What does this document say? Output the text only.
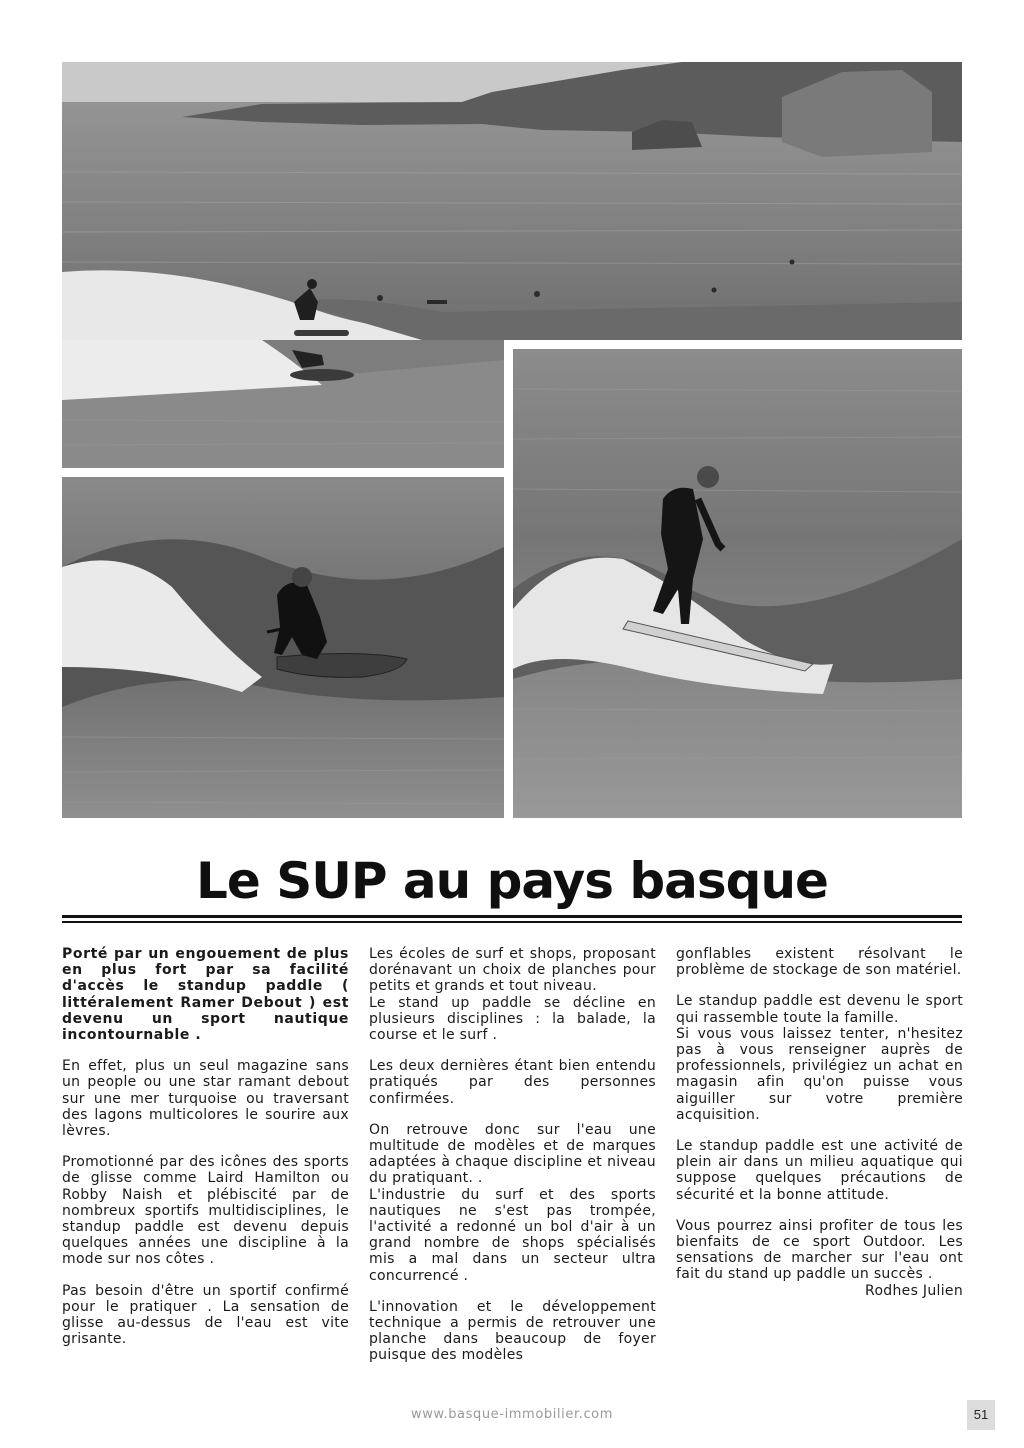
Le SUP au pays basque

Porté par un engouement de plus en plus fort par sa facilité d'accès le standup paddle ( littéralement Ramer Debout ) est devenu un sport nautique incontournable .

En effet, plus un seul magazine sans un people ou une star ramant debout sur une mer turquoise ou traversant des lagons multicolores le sourire aux lèvres.

Promotionné par des icônes des sports de glisse comme Laird Hamilton ou Robby Naish et plébiscité par de nombreux sportifs multidisciplines, le standup paddle est devenu depuis quelques années une discipline à la mode sur nos côtes .

Pas besoin d'être un sportif confirmé pour le pratiquer . La sensation de glisse au-dessus de l'eau est vite grisante.

Les écoles de surf et shops, proposant dorénavant un choix de planches pour petits et grands et tout niveau.

Le stand up paddle se décline en plusieurs disciplines : la balade, la course et le surf .

Les deux dernières étant bien entendu pratiqués par des personnes confirmées.

On retrouve donc sur l'eau une multitude de modèles et de marques adaptées à chaque discipline et niveau du pratiquant. .

L'industrie du surf et des sports nautiques ne s'est pas trompée, l'activité a redonné un bol d'air à un grand nombre de shops spécialisés mis a mal dans un secteur ultra concurrencé .

L'innovation et le développement technique a permis de retrouver une planche dans beaucoup de foyer puisque des modèles

gonflables existent résolvant le problème de stockage de son matériel.

Le standup paddle est devenu le sport qui rassemble toute la famille.

Si vous vous laissez tenter, n'hesitez pas à vous renseigner auprès de professionnels, privilégiez un achat en magasin afin qu'on puisse vous aiguiller sur votre première acquisition.

Le standup paddle est une activité de plein air dans un milieu aquatique qui suppose quelques précautions de sécurité et la bonne attitude.

Vous pourrez ainsi profiter de tous les bienfaits de ce sport Outdoor. Les sensations de marcher sur l'eau ont fait du stand up paddle un succès .

Rodhes Julien

www.basque-immobilier.com	51
